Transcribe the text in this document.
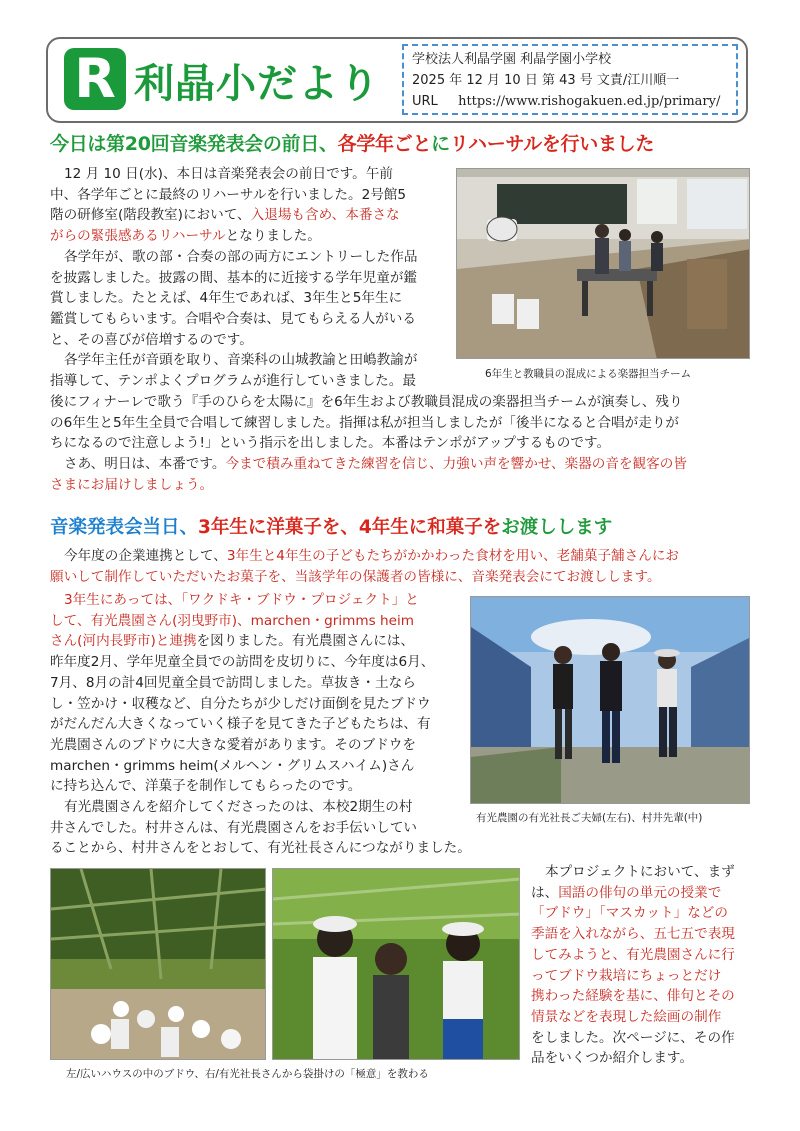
R 利晶小だより
学校法人利晶学園 利晶学園小学校
2025 年 12 月 10 日 第 43 号 文責/江川順一
URL https://www.rishogakuen.ed.jp/primary/
今日は第20回音楽発表会の前日、各学年ごとにリハーサルを行いました

12 月 10 日(水)、本日は音楽発表会の前日です。午前

中、各学年ごとに最終のリハーサルを行いました。2号館5

階の研修室(階段教室)において、入退場も含め、本番さな

がらの緊張感あるリハーサルとなりました。

各学年が、歌の部・合奏の部の両方にエントリーした作品

を披露しました。披露の間、基本的に近接する学年児童が鑑

賞しました。たとえば、4年生であれば、3年生と5年生に

鑑賞してもらいます。合唱や合奏は、見てもらえる人がいる

と、その喜びが倍増するのです。

各学年主任が音頭を取り、音楽科の山城教諭と田嶋教諭が

指導して、テンポよくプログラムが進行していきました。最	6年生と教職員の混成による楽器担当チーム

後にフィナーレで歌う『手のひらを太陽に』を6年生および教職員混成の楽器担当チームが演奏し、残り

の6年生と5年生全員で合唱して練習しました。指揮は私が担当しましたが「後半になると合唱が走りが

ちになるので注意しよう!」という指示を出しました。本番はテンポがアップするものです。

さあ、明日は、本番です。今まで積み重ねてきた練習を信じ、力強い声を響かせ、楽器の音を観客の皆

さまにお届けしましょう。

音楽発表会当日、3年生に洋菓子を、4年生に和菓子をお渡しします

今年度の企業連携として、3年生と4年生の子どもたちがかかわった食材を用い、老舗菓子舗さんにお

願いして制作していただいたお菓子を、当該学年の保護者の皆様に、音楽発表会にてお渡しします。

3年生にあっては、「ワクドキ・ブドウ・プロジェクト」と

して、有光農園さん(羽曳野市)、marchen・grimms heim

さん(河内長野市)と連携を図りました。有光農園さんには、

昨年度2月、学年児童全員での訪問を皮切りに、今年度は6月、

7月、8月の計4回児童全員で訪問しました。草抜き・土なら

し・笠かけ・収穫など、自分たちが少しだけ面倒を見たブドウ

がだんだん大きくなっていく様子を見てきた子どもたちは、有

光農園さんのブドウに大きな愛着があります。そのブドウを

marchen・grimms heim(メルヘン・グリムスハイム)さん

に持ち込んで、洋菓子を制作してもらったのです。

有光農園さんを紹介してくださったのは、本校2期生の村

井さんでした。村井さんは、有光農園さんをお手伝いしてい

ることから、村井さんをとおして、有光社長さんにつながりました。

有光農園の有光社長ご夫婦(左右)、村井先輩(中)
左/広いハウスの中のブドウ、右/有光社長さんから袋掛けの「極意」を教わる

本プロジェクトにおいて、まず

は、国語の俳句の単元の授業で

「ブドウ」「マスカット」などの

季語を入れながら、五七五で表現

してみようと、有光農園さんに行

ってブドウ栽培にちょっとだけ

携わった経験を基に、俳句とその

情景などを表現した絵画の制作

をしました。次ページに、その作

品をいくつか紹介します。
